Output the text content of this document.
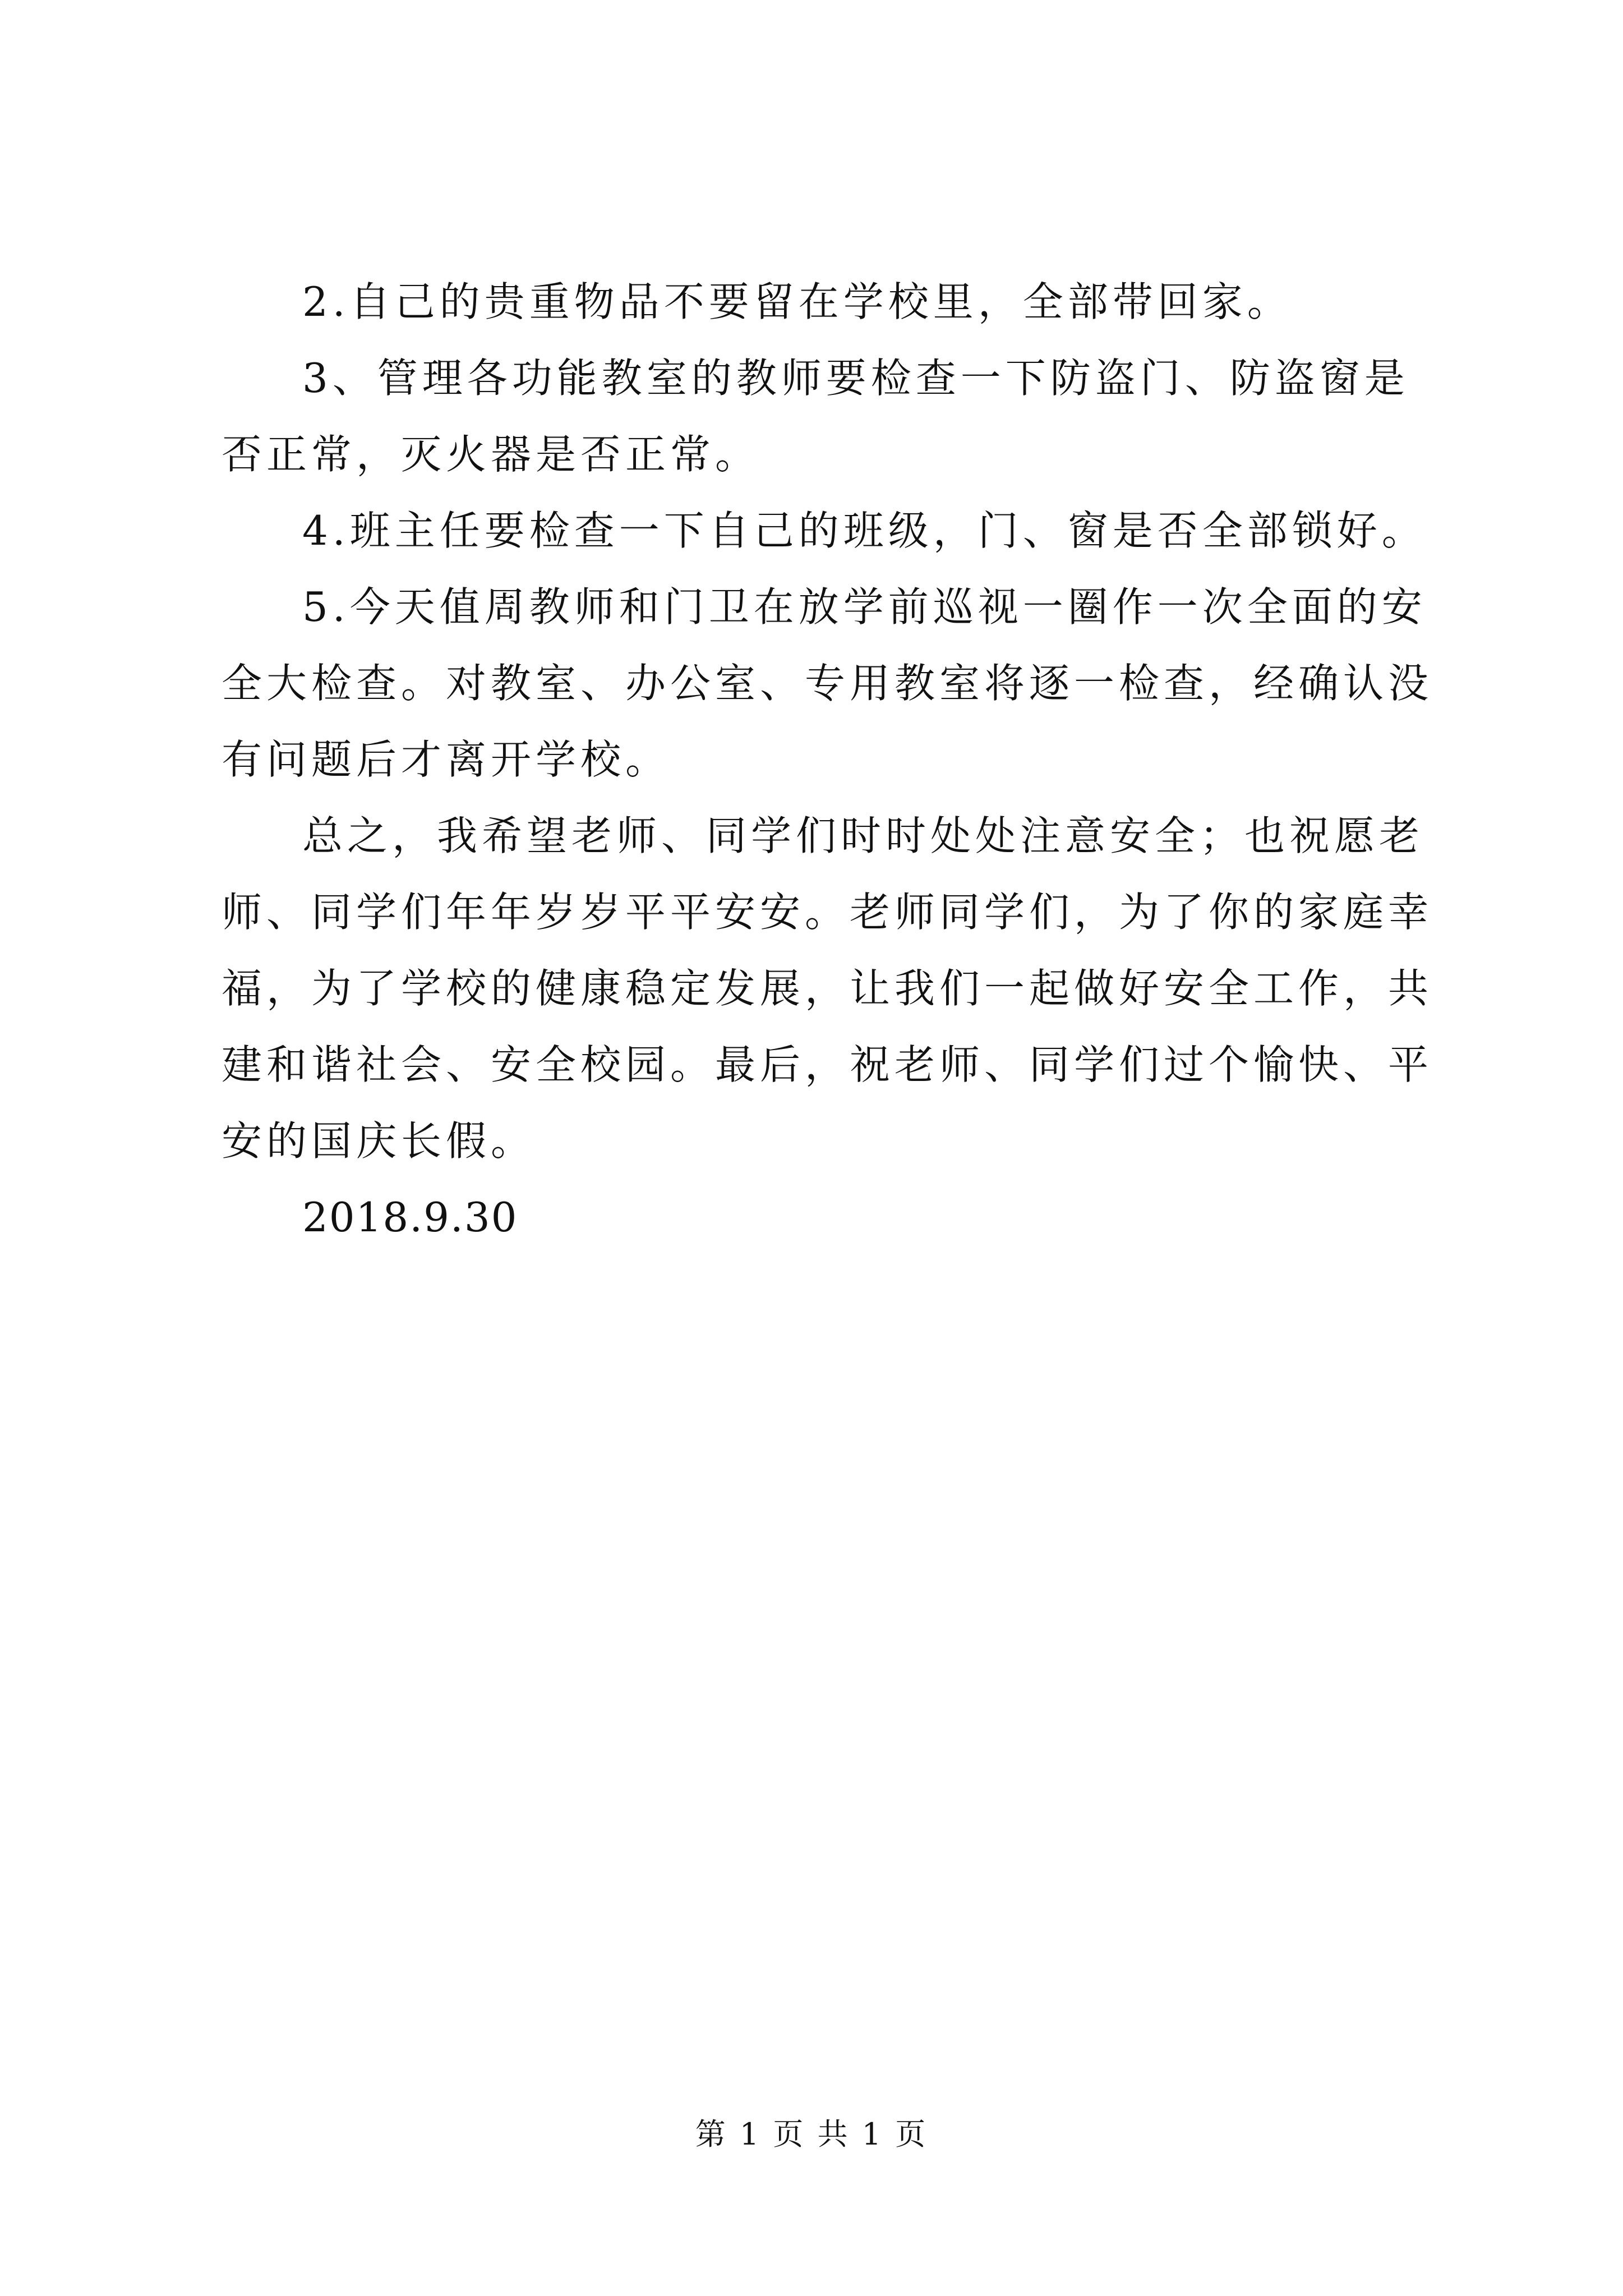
2.自己的贵重物品不要留在学校里，全部带回家。

3、管理各功能教室的教师要检查一下防盗门、防盗窗是否正常，灭火器是否正常。

4.班主任要检查一下自己的班级，门、窗是否全部锁好。

5.今天值周教师和门卫在放学前巡视一圈作一次全面的安全大检查。对教室、办公室、专用教室将逐一检查，经确认没有问题后才离开学校。

总之，我希望老师、同学们时时处处注意安全；也祝愿老师、同学们年年岁岁平平安安。老师同学们，为了你的家庭幸福，为了学校的健康稳定发展，让我们一起做好安全工作，共建和谐社会、安全校园。最后，祝老师、同学们过个愉快、平安的国庆长假。

2018.9.30

第 1 页 共 1 页
